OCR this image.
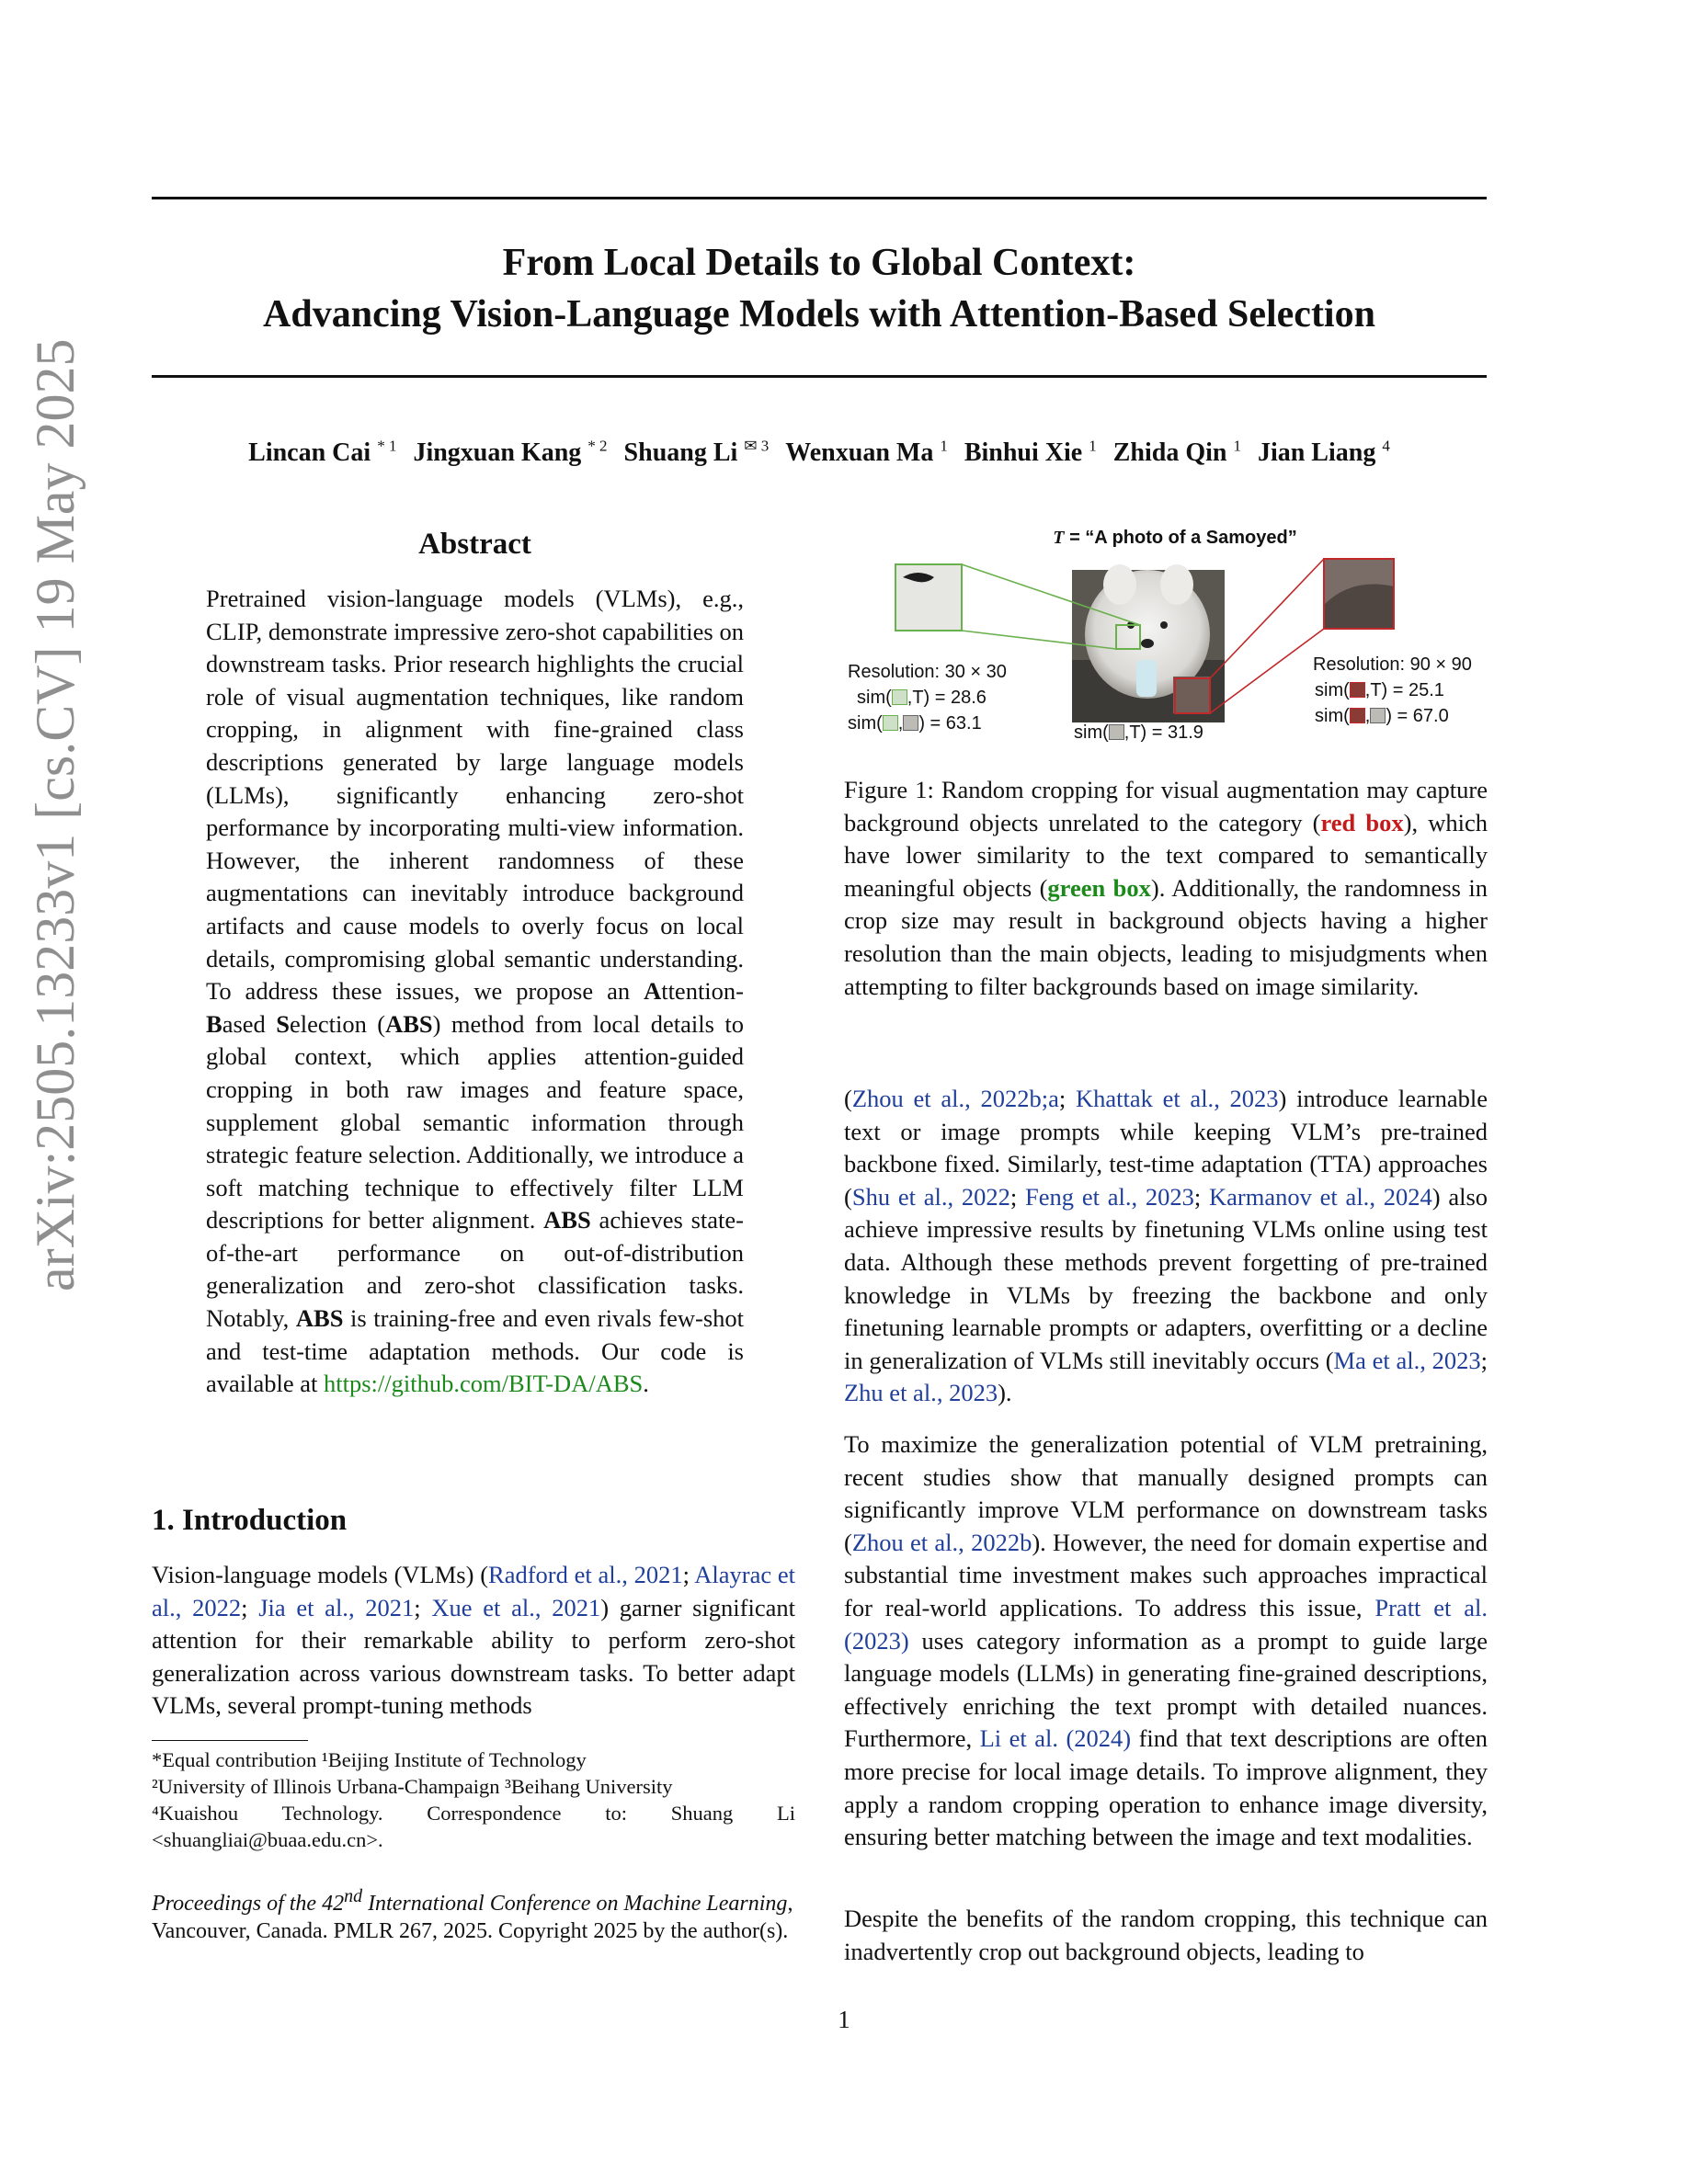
From Local Details to Global Context:
Advancing Vision-Language Models with Attention-Based Selection
Lincan Cai $^{* 1}$ Jingxuan Kang $^{* 2}$ Shuang Li $^{✉ 3}$ Wenxuan Ma $^1$ Binhui Xie $^1$ Zhida Qin $^1$ Jian Liang $^4$
arXiv:2505.13233v1 [cs.CV] 19 May 2025	Abstract
Pretrained vision-language models (VLMs), e.g., CLIP, demonstrate impressive zero-shot capabilities on downstream tasks. Prior research highlights the crucial role of visual augmentation techniques, like random cropping, in alignment with fine-grained class descriptions generated by large language models (LLMs), significantly enhancing zero-shot performance by incorporating multi-view information. However, the inherent randomness of these augmentations can inevitably introduce background artifacts and cause models to overly focus on local details, compromising global semantic understanding. To address these issues, we propose an Attention-Based Selection (ABS) method from local details to global context, which applies attention-guided cropping in both raw images and feature space, supplement global semantic information through strategic feature selection. Additionally, we introduce a soft matching technique to effectively filter LLM descriptions for better alignment. ABS achieves state-of-the-art performance on out-of-distribution generalization and zero-shot classification tasks. Notably, ABS is training-free and even rivals few-shot and test-time adaptation methods. Our code is available at https://github.com/BIT-DA/ABS.
1. Introduction
Vision-language models (VLMs) (Radford et al., 2021; Alayrac et al., 2022; Jia et al., 2021; Xue et al., 2021) garner significant attention for their remarkable ability to perform zero-shot generalization across various downstream tasks. To better adapt VLMs, several prompt-tuning methods
*Equal contribution ¹Beijing Institute of Technology
²University of Illinois Urbana-Champaign ³Beihang University
⁴Kuaishou Technology. Correspondence to: Shuang Li <shuangliai@buaa.edu.cn>.
Proceedings of the 42nd International Conference on Machine Learning, Vancouver, Canada. PMLR 267, 2025. Copyright 2025 by the author(s).
T = “A photo of a Samoyed”
Resolution: 30 × 30
sim( ,T) = 28.6
sim( , ) = 63.1	sim( ,T) = 31.9
Resolution: 90 × 90
sim( ,T) = 25.1
sim( , ) = 67.0
Figure 1: Random cropping for visual augmentation may capture background objects unrelated to the category (red box), which have lower similarity to the text compared to semantically meaningful objects (green box). Additionally, the randomness in crop size may result in background objects having a higher resolution than the main objects, leading to misjudgments when attempting to filter backgrounds based on image similarity.
(Zhou et al., 2022b;a; Khattak et al., 2023) introduce learnable text or image prompts while keeping VLM’s pre-trained backbone fixed. Similarly, test-time adaptation (TTA) approaches (Shu et al., 2022; Feng et al., 2023; Karmanov et al., 2024) also achieve impressive results by finetuning VLMs online using test data. Although these methods prevent forgetting of pre-trained knowledge in VLMs by freezing the backbone and only finetuning learnable prompts or adapters, overfitting or a decline in generalization of VLMs still inevitably occurs (Ma et al., 2023; Zhu et al., 2023).
To maximize the generalization potential of VLM pretraining, recent studies show that manually designed prompts can significantly improve VLM performance on downstream tasks (Zhou et al., 2022b). However, the need for domain expertise and substantial time investment makes such approaches impractical for real-world applications. To address this issue, Pratt et al. (2023) uses category information as a prompt to guide large language models (LLMs) in generating fine-grained descriptions, effectively enriching the text prompt with detailed nuances. Furthermore, Li et al. (2024) find that text descriptions are often more precise for local image details. To improve alignment, they apply a random cropping operation to enhance image diversity, ensuring better matching between the image and text modalities.
Despite the benefits of the random cropping, this technique can inadvertently crop out background objects, leading to
1
